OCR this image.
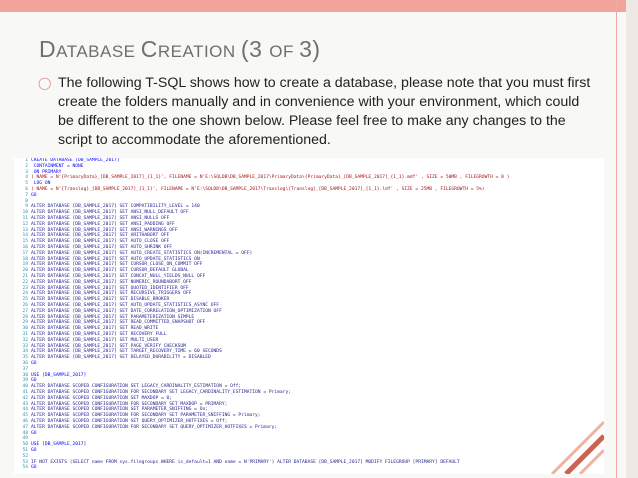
DATABASE CREATION (3 OF 3)
◯ The following T-SQL shows how to create a database, please note that you must first create the folders manually and in convenience with your environment, which could be different to the one shown below. Please feel free to make any changes to the script to accommodate the aforementioned.
1 CREATE DATABASE [DB_SAMPLE_2017]
2 CONTAINMENT = NONE
3 ON PRIMARY
4 ( NAME = N'{PrimaryData}_[DB_SAMPLE_2017]_{1_1}', FILENAME = N'E:\SQLDB\DB_SAMPLE_2017\PrimaryData\{PrimaryData}_[DB_SAMPLE_2017]_{1_1}.mdf' , SIZE = 50MB , FILEGROWTH = 0 )
5 LOG ON
6 ( NAME = N'{Translog}_[DB_SAMPLE_2017]_{1_1}', FILENAME = N'E:\SQLDB\DB_SAMPLE_2017\Translog\{Translog}_[DB_SAMPLE_2017]_{1_1}.ldf' , SIZE = 25MB , FILEGROWTH = 5%)
7 GO
8
9 ALTER DATABASE [DB_SAMPLE_2017] SET COMPATIBILITY_LEVEL = 140
10 ALTER DATABASE [DB_SAMPLE_2017] SET ANSI_NULL_DEFAULT OFF
11 ALTER DATABASE [DB_SAMPLE_2017] SET ANSI_NULLS OFF
12 ALTER DATABASE [DB_SAMPLE_2017] SET ANSI_PADDING OFF
13 ALTER DATABASE [DB_SAMPLE_2017] SET ANSI_WARNINGS OFF
14 ALTER DATABASE [DB_SAMPLE_2017] SET ARITHABORT OFF
15 ALTER DATABASE [DB_SAMPLE_2017] SET AUTO_CLOSE OFF
16 ALTER DATABASE [DB_SAMPLE_2017] SET AUTO_SHRINK OFF
17 ALTER DATABASE [DB_SAMPLE_2017] SET AUTO_CREATE_STATISTICS ON(INCREMENTAL = OFF)
18 ALTER DATABASE [DB_SAMPLE_2017] SET AUTO_UPDATE_STATISTICS ON
19 ALTER DATABASE [DB_SAMPLE_2017] SET CURSOR_CLOSE_ON_COMMIT OFF
20 ALTER DATABASE [DB_SAMPLE_2017] SET CURSOR_DEFAULT GLOBAL
21 ALTER DATABASE [DB_SAMPLE_2017] SET CONCAT_NULL_YIELDS_NULL OFF
22 ALTER DATABASE [DB_SAMPLE_2017] SET NUMERIC_ROUNDABORT OFF
23 ALTER DATABASE [DB_SAMPLE_2017] SET QUOTED_IDENTIFIER OFF
24 ALTER DATABASE [DB_SAMPLE_2017] SET RECURSIVE_TRIGGERS OFF
25 ALTER DATABASE [DB_SAMPLE_2017] SET DISABLE_BROKER
26 ALTER DATABASE [DB_SAMPLE_2017] SET AUTO_UPDATE_STATISTICS_ASYNC OFF
27 ALTER DATABASE [DB_SAMPLE_2017] SET DATE_CORRELATION_OPTIMIZATION OFF
28 ALTER DATABASE [DB_SAMPLE_2017] SET PARAMETERIZATION SIMPLE
29 ALTER DATABASE [DB_SAMPLE_2017] SET READ_COMMITTED_SNAPSHOT OFF
30 ALTER DATABASE [DB_SAMPLE_2017] SET READ_WRITE
31 ALTER DATABASE [DB_SAMPLE_2017] SET RECOVERY FULL
32 ALTER DATABASE [DB_SAMPLE_2017] SET MULTI_USER
33 ALTER DATABASE [DB_SAMPLE_2017] SET PAGE_VERIFY CHECKSUM
34 ALTER DATABASE [DB_SAMPLE_2017] SET TARGET_RECOVERY_TIME = 60 SECONDS
35 ALTER DATABASE [DB_SAMPLE_2017] SET DELAYED_DURABILITY = DISABLED
36 GO
37
38 USE [DB_SAMPLE_2017]
39 GO
40 ALTER DATABASE SCOPED CONFIGURATION SET LEGACY_CARDINALITY_ESTIMATION = Off;
41 ALTER DATABASE SCOPED CONFIGURATION FOR SECONDARY SET LEGACY_CARDINALITY_ESTIMATION = Primary;
42 ALTER DATABASE SCOPED CONFIGURATION SET MAXDOP = 0;
43 ALTER DATABASE SCOPED CONFIGURATION FOR SECONDARY SET MAXDOP = PRIMARY;
44 ALTER DATABASE SCOPED CONFIGURATION SET PARAMETER_SNIFFING = On;
45 ALTER DATABASE SCOPED CONFIGURATION FOR SECONDARY SET PARAMETER_SNIFFING = Primary;
46 ALTER DATABASE SCOPED CONFIGURATION SET QUERY_OPTIMIZER_HOTFIXES = Off;
47 ALTER DATABASE SCOPED CONFIGURATION FOR SECONDARY SET QUERY_OPTIMIZER_HOTFIXES = Primary;
48 GO
49
50 USE [DB_SAMPLE_2017]
51 GO
52
53 IF NOT EXISTS (SELECT name FROM sys.filegroups WHERE is_default=1 AND name = N'PRIMARY') ALTER DATABASE [DB_SAMPLE_2017] MODIFY FILEGROUP [PRIMARY] DEFAULT
54 GO
